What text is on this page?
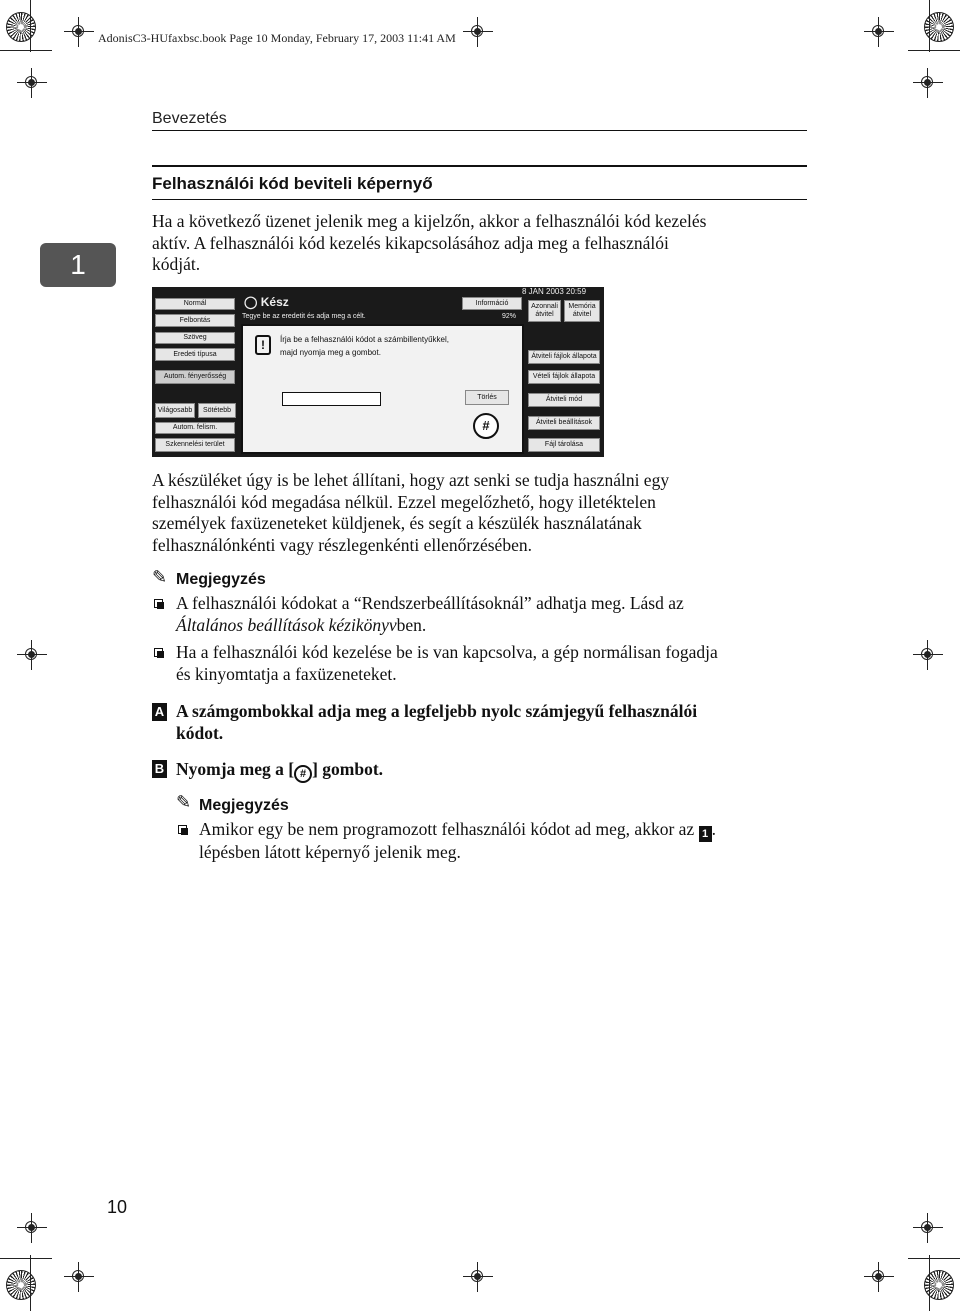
AdonisC3-HUfaxbsc.book Page 10 Monday, February 17, 2003 11:41 AM
Bevezetés
Felhasználói kód beviteli képernyő
1
Ha a következő üzenet jelenik meg a kijelzőn, akkor a felhasználói kód kezelés
aktív. A felhasználói kód kezelés kikapcsolásához adja meg a felhasználói
kódját.
Normál
Felbontás
Szöveg
Eredeti típusa
Autom. fényerősség
Világosabb	Sötétebb
Autom. felism.
Szkennelési terület
◯ Kész
Tegye be az eredetit és adja meg a célt.
8 JAN 2003 20:59
Információ
92%
Azonnali átvitel
Memória átvitel
!	Írja be a felhasználói kódot a számbillentyűkkel,
majd nyomja meg a gombot.
Törlés
#
Átviteli fájlok állapota
Vételi fájlok állapota
Átviteli mód
Átviteli beállítások
Fájl tárolása
A készüléket úgy is be lehet állítani, hogy azt senki se tudja használni egy
felhasználói kód megadása nélkül. Ezzel megelőzhető, hogy illetéktelen
személyek faxüzeneteket küldjenek, és segít a készülék használatának
felhasználónkénti vagy részlegenkénti ellenőrzésében.
✎ Megjegyzés
A felhasználói kódokat a “Rendszerbeállításoknál” adhatja meg. Lásd az
Általános beállítások kézikönyvben.
Ha a felhasználói kód kezelése be is van kapcsolva, a gép normálisan fogadja
és kinyomtatja a faxüzeneteket.
A A számgombokkal adja meg a legfeljebb nyolc számjegyű felhasználói
kódot.
B Nyomja meg a [ # ] gombot.
✎ Megjegyzés
Amikor egy be nem programozott felhasználói kódot ad meg, akkor az 1 .
lépésben látott képernyő jelenik meg.
10
